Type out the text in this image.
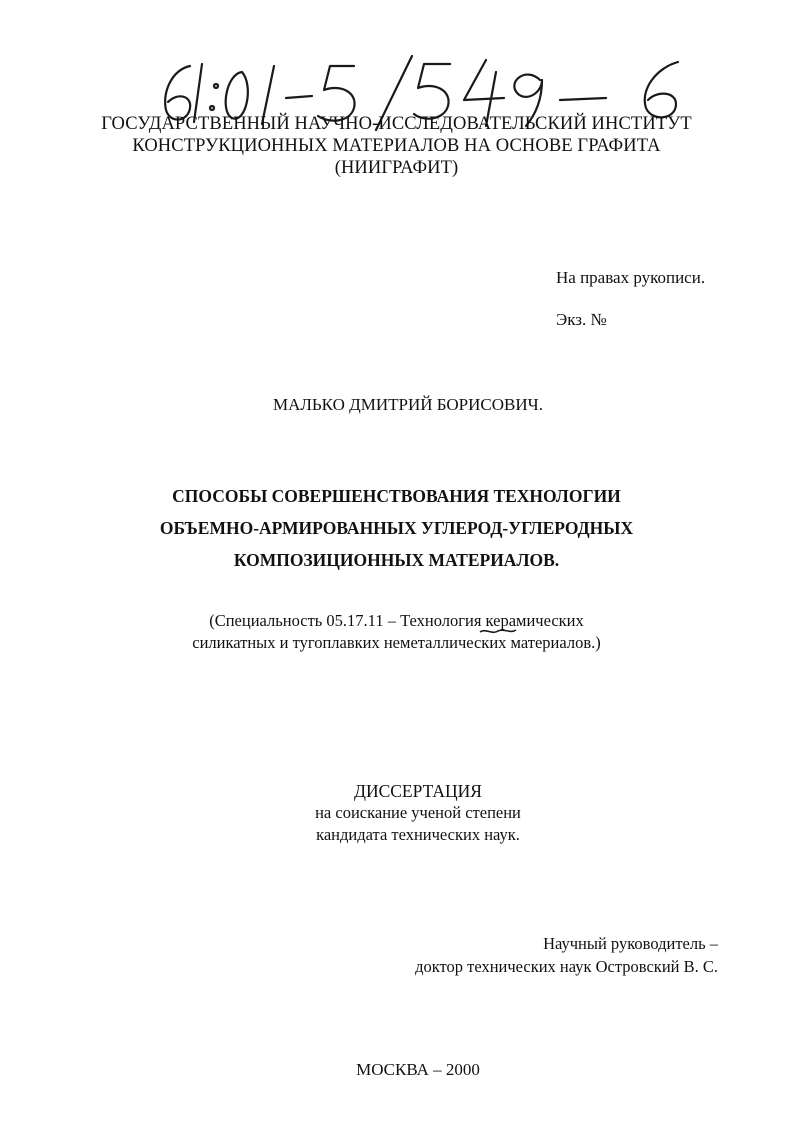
ГОСУДАРСТВЕННЫЙ НАУЧНО-ИССЛЕДОВАТЕЛЬСКИЙ ИНСТИТУТ
КОНСТРУКЦИОННЫХ МАТЕРИАЛОВ НА ОСНОВЕ ГРАФИТА
(НИИГРАФИТ)
На правах рукописи.
Экз. №
МАЛЬКО ДМИТРИЙ БОРИСОВИЧ.
СПОСОБЫ СОВЕРШЕНСТВОВАНИЯ ТЕХНОЛОГИИ
ОБЪЕМНО-АРМИРОВАННЫХ УГЛЕРОД-УГЛЕРОДНЫХ
КОМПОЗИЦИОННЫХ МАТЕРИАЛОВ.
(Специальность 05.17.11 – Технология керамических
силикатных и тугоплавких неметаллических материалов.)
ДИССЕРТАЦИЯ
на соискание ученой степени
кандидата технических наук.
Научный руководитель –
доктор технических наук Островский В. С.
МОСКВА – 2000
